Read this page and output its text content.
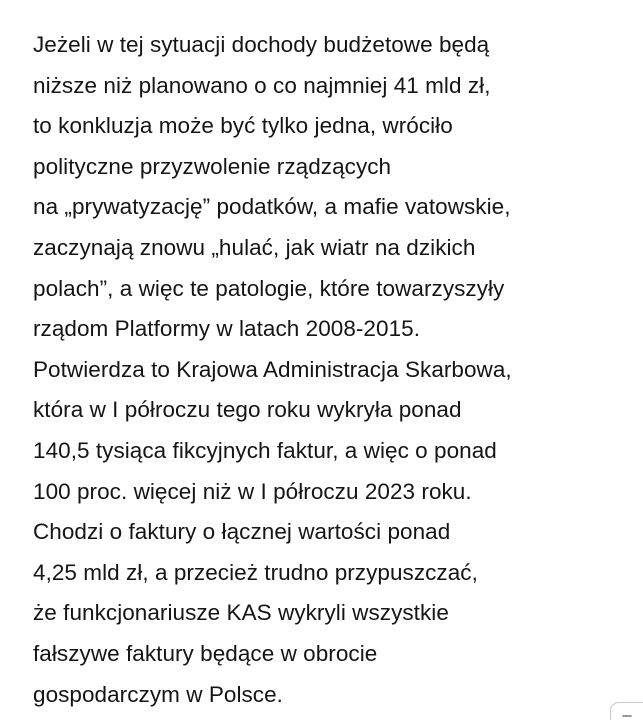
Jeżeli w tej sytuacji dochody budżetowe będą
niższe niż planowano o co najmniej 41 mld zł,
to konkluzja może być tylko jedna, wróciło
polityczne przyzwolenie rządzących
na „prywatyzację” podatków, a mafie vatowskie,
zaczynają znowu „hulać, jak wiatr na dzikich
polach”, a więc te patologie, które towarzyszyły
rządom Platformy w latach 2008-2015.
Potwierdza to Krajowa Administracja Skarbowa,
która w I półroczu tego roku wykryła ponad
140,5 tysiąca fikcyjnych faktur, a więc o ponad
100 proc. więcej niż w I półroczu 2023 roku.
Chodzi o faktury o łącznej wartości ponad
4,25 mld zł, a przecież trudno przypuszczać,
że funkcjonariusze KAS wykryli wszystkie
fałszywe faktury będące w obrocie
gospodarczym w Polsce.
